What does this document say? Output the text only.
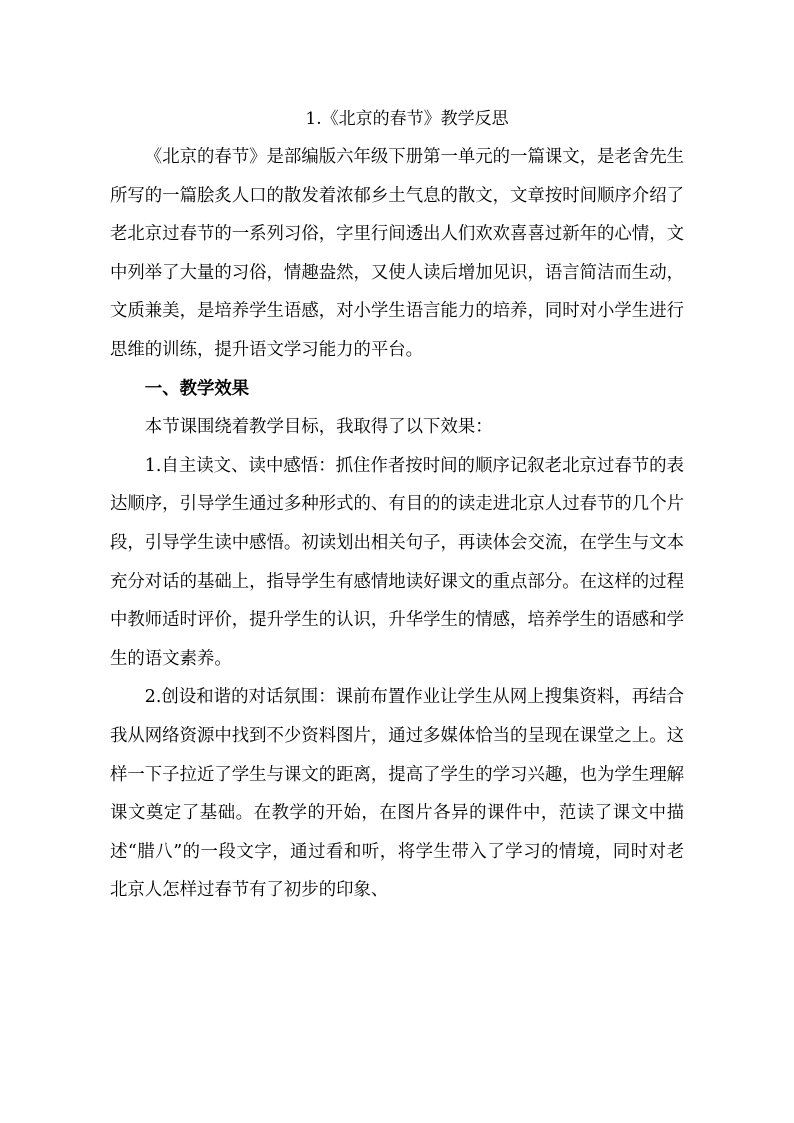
1.《北京的春节》教学反思

《北京的春节》是部编版六年级下册第一单元的一篇课文，是老舍先生所写的一篇脍炙人口的散发着浓郁乡土气息的散文，文章按时间顺序介绍了老北京过春节的一系列习俗，字里行间透出人们欢欢喜喜过新年的心情，文中列举了大量的习俗，情趣盎然，又使人读后增加见识，语言简洁而生动，文质兼美，是培养学生语感，对小学生语言能力的培养，同时对小学生进行思维的训练，提升语文学习能力的平台。

一、教学效果

本节课围绕着教学目标，我取得了以下效果：

1.自主读文、读中感悟：抓住作者按时间的顺序记叙老北京过春节的表达顺序，引导学生通过多种形式的、有目的的读走进北京人过春节的几个片段，引导学生读中感悟。初读划出相关句子，再读体会交流，在学生与文本充分对话的基础上，指导学生有感情地读好课文的重点部分。在这样的过程中教师适时评价，提升学生的认识，升华学生的情感，培养学生的语感和学生的语文素养。

2.创设和谐的对话氛围：课前布置作业让学生从网上搜集资料，再结合我从网络资源中找到不少资料图片，通过多媒体恰当的呈现在课堂之上。这样一下子拉近了学生与课文的距离，提高了学生的学习兴趣，也为学生理解课文奠定了基础。在教学的开始，在图片各异的课件中，范读了课文中描述“腊八”的一段文字，通过看和听，将学生带入了学习的情境，同时对老北京人怎样过春节有了初步的印象、
